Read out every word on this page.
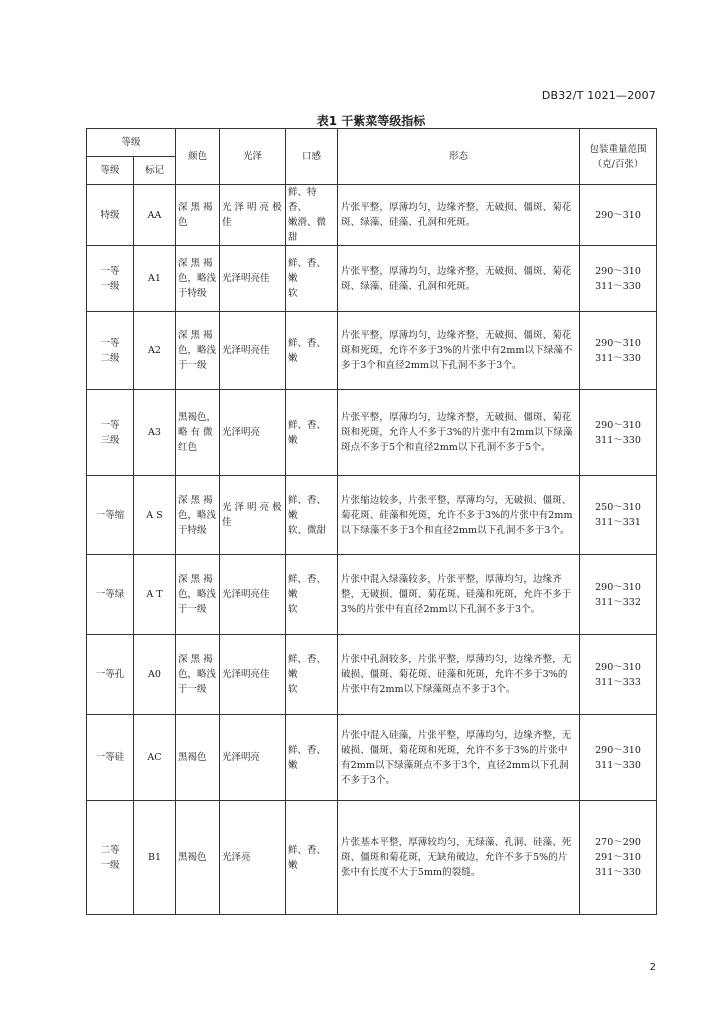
DB32/T 1021—2007
表1 干紫菜等级指标
等级		颜色	光泽	口感	形态	包装重量范围
（克/百张）
等级	标记					
特级	AA	深 黑 褐
色	光 泽 明 亮 极
佳	鲜、特香、
嫩滑、微甜	片张平整，厚薄均匀，边缘齐整，无破损、僵斑、菊花斑、绿藻、硅藻、孔洞和死斑。	290～310
一等
一级	A1	深 黑 褐
色，略浅
于特级	光泽明亮佳	鲜、香、嫩
软	片张平整，厚薄均匀，边缘齐整，无破损、僵斑、菊花斑、绿藻、硅藻、孔洞和死斑。	290～310
311～330
一等
二级	A2	深 黑 褐
色，略浅
于一级	光泽明亮佳	鲜、香、嫩	片张平整，厚薄均匀，边缘齐整，无破损、僵斑、菊花斑和死斑，允许不多于3%的片张中有2mm以下绿藻不多于3个和直径2mm以下孔洞不多于3个。	290～310
311～330
一等
三级	A3	黑褐色，
略 有 微
红色	光泽明亮	鲜、香、嫩	片张平整，厚薄均匀，边缘齐整，无破损、僵斑、菊花斑和死斑，允许人不多于3%的片张中有2mm以下绿藻斑点不多于5个和直径2mm以下孔洞不多于5个。	290～310
311～330
一等缩	A S	深 黑 褐
色，略浅
于特级	光 泽 明 亮 极
佳	鲜、香、嫩
软、微甜	片张缩边较多，片张平整，厚薄均匀，无破损、僵斑、菊花斑、硅藻和死斑，允许不多于3%的片张中有2mm以下绿藻不多于3个和直径2mm以下孔洞不多于3个。	250～310
311～331
一等绿	A T	深 黑 褐
色，略浅
于一级	光泽明亮佳	鲜、香、嫩
软	片张中混入绿藻较多，片张平整，厚薄均匀，边缘齐整，无破损、僵斑、菊花斑、硅藻和死斑，允许不多于3%的片张中有直径2mm以下孔洞不多于3个。	290～310
311～332
一等孔	A0	深 黑 褐
色，略浅
于一级	光泽明亮佳	鲜、香、嫩
软	片张中孔洞较多，片张平整，厚薄均匀，边缘齐整，无破损、僵斑、菊花斑、硅藻和死斑，允许不多于3%的片张中有2mm以下绿藻斑点不多于3个。	290～310
311～333
一等硅	AC	黑褐色	光泽明亮	鲜、香、嫩	片张中混入硅藻，片张平整，厚薄均匀，边缘齐整，无破损、僵斑、菊花斑和死斑，允许不多于3%的片张中有2mm以下绿藻斑点不多于3个，直径2mm以下孔洞不多于3个。	290～310
311～330
二等
一级	B1	黑褐色	光泽亮	鲜、香、嫩	片张基本平整，厚薄较均匀，无绿藻、孔洞、硅藻、死斑、僵斑和菊花斑，无缺角破边，允许不多于5%的片张中有长度不大于5mm的裂缝。	270～290
291～310
311～330
2
